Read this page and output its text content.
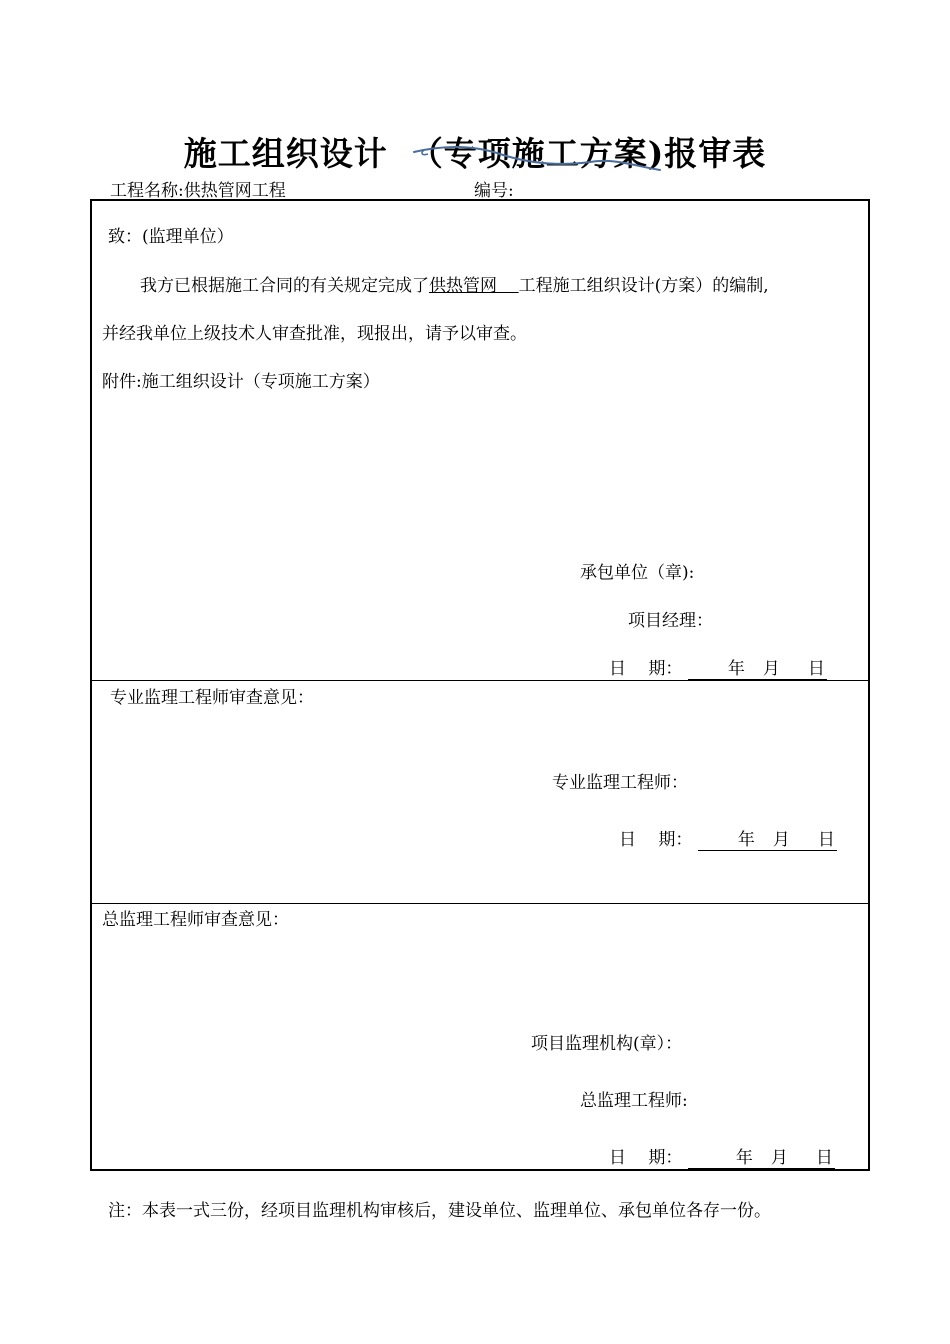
施工组织设计 （专项施工方案)报审表
工程名称:供热管网工程	编号:
致：(监理单位）
我方已根据施工合同的有关规定完成了供热管网 工程施工组织设计(方案）的编制,
并经我单位上级技术人审查批准，现报出，请予以审查。
附件:施工组织设计（专项施工方案）
承包单位（章):
项目经理：
日　 期：	年 月 日
专业监理工程师审查意见：
专业监理工程师：
日　 期：	年 月 日
总监理工程师审查意见：
项目监理机构(章）：
总监理工程师:
日　 期：	年 月 日
注：本表一式三份，经项目监理机构审核后，建设单位、监理单位、承包单位各存一份。
